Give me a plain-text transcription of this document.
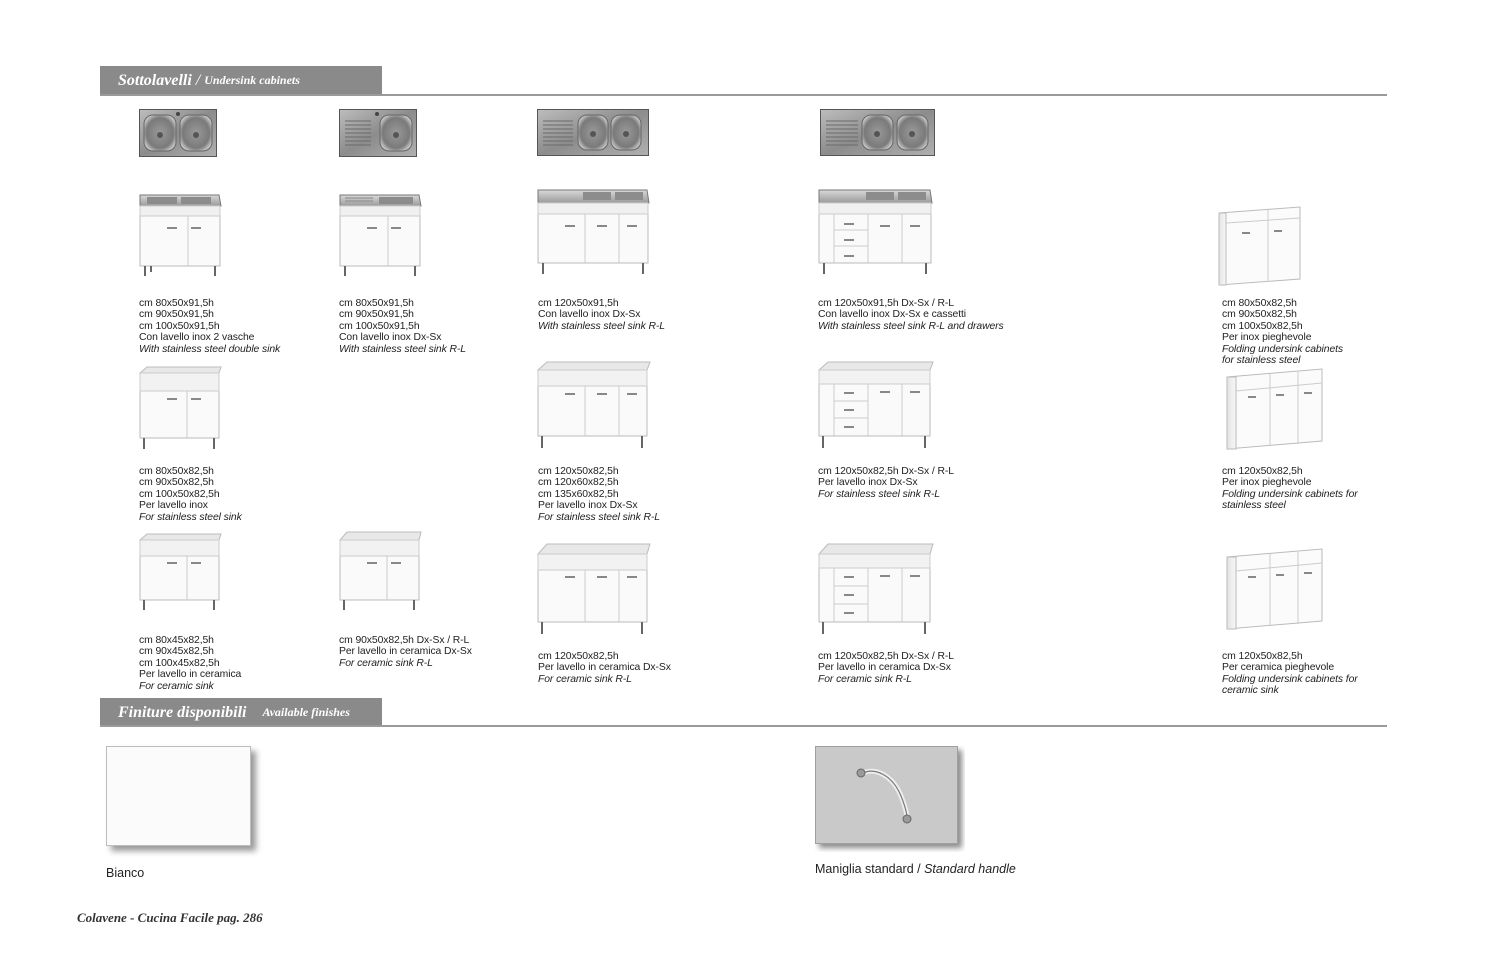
Sottolavelli / Undersink cabinets
cm 80x50x91,5h
cm 90x50x91,5h
cm 100x50x91,5h
Con lavello inox 2 vasche
With stainless steel double sink
cm 80x50x91,5h
cm 90x50x91,5h
cm 100x50x91,5h
Con lavello inox Dx-Sx
With stainless steel sink R-L
cm 120x50x91,5h
Con lavello inox Dx-Sx
With stainless steel sink R-L
cm 120x50x91,5h Dx-Sx / R-L
Con lavello inox Dx-Sx e cassetti
With stainless steel sink R-L and drawers
cm 80x50x82,5h
cm 90x50x82,5h
cm 100x50x82,5h
Per inox pieghevole
Folding undersink cabinets
for stainless steel
cm 80x50x82,5h
cm 90x50x82,5h
cm 100x50x82,5h
Per lavello inox
For stainless steel sink
cm 120x50x82,5h
cm 120x60x82,5h
cm 135x60x82,5h
Per lavello inox Dx-Sx
For stainless steel sink R-L
cm 120x50x82,5h Dx-Sx / R-L
Per lavello inox Dx-Sx
For stainless steel sink R-L
cm 120x50x82,5h
Per inox pieghevole
Folding undersink cabinets for
stainless steel
cm 80x45x82,5h
cm 90x45x82,5h
cm 100x45x82,5h
Per lavello in ceramica
For ceramic sink
cm 90x50x82,5h Dx-Sx / R-L
Per lavello in ceramica Dx-Sx
For ceramic sink R-L
cm 120x50x82,5h
Per lavello in ceramica Dx-Sx
For ceramic sink R-L
cm 120x50x82,5h Dx-Sx / R-L
Per lavello in ceramica Dx-Sx
For ceramic sink R-L
cm 120x50x82,5h
Per ceramica pieghevole
Folding undersink cabinets for
ceramic sink
Finiture disponibili Available finishes
Bianco	Maniglia standard / Standard handle
Colavene - Cucina Facile pag. 286
